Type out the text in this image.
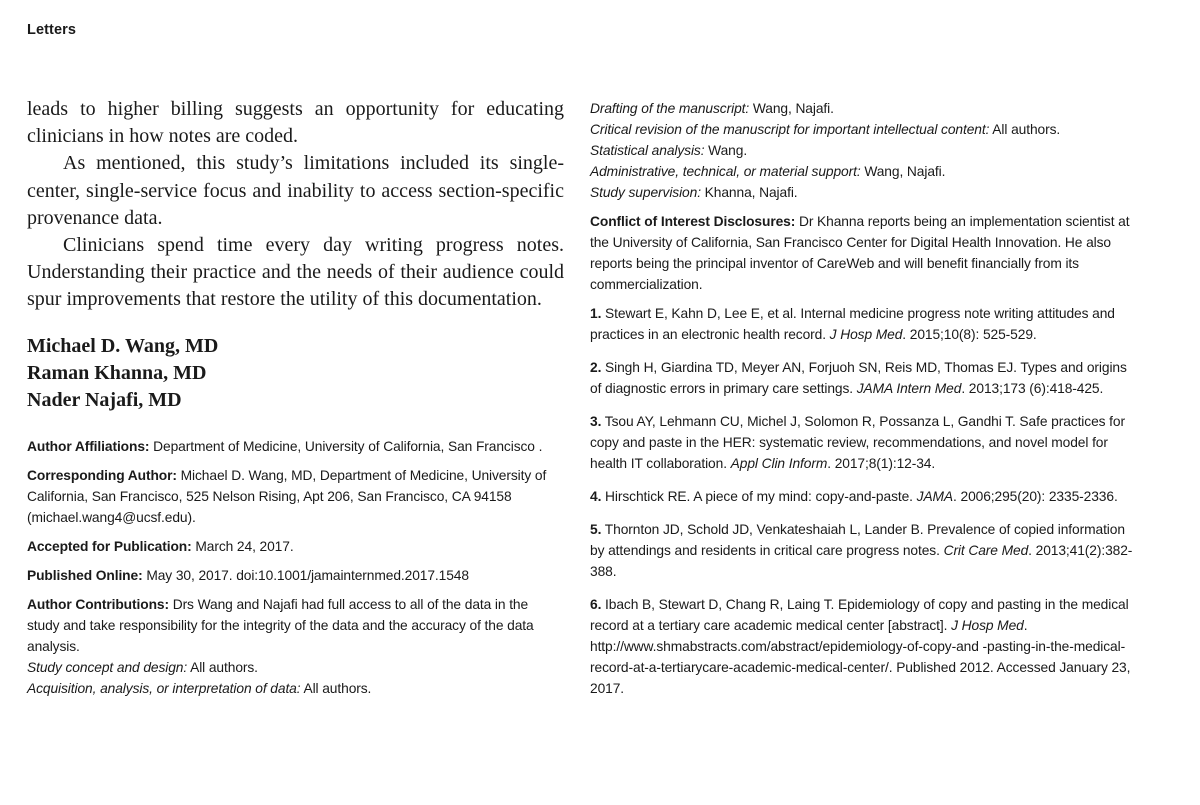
Letters

leads to higher billing suggests an opportunity for educating clinicians in how notes are coded.

As mentioned, this study’s limitations included its single-center, single-service focus and inability to access section-specific provenance data.

Clinicians spend time every day writing progress notes. Understanding their practice and the needs of their audience could spur improvements that restore the utility of this documentation.

Michael D. Wang, MD

Raman Khanna, MD

Nader Najafi, MD

Author Affiliations: Department of Medicine, University of California, San Francisco .

Corresponding Author: Michael D. Wang, MD, Department of Medicine, University of California, San Francisco, 525 Nelson Rising, Apt 206, San Francisco, CA 94158 (michael.wang4@ucsf.edu).

Accepted for Publication: March 24, 2017.

Published Online: May 30, 2017. doi:10.1001/jamainternmed.2017.1548

Author Contributions: Drs Wang and Najafi had full access to all of the data in the study and take responsibility for the integrity of the data and the accuracy of the data analysis.

Study concept and design: All authors.

Acquisition, analysis, or interpretation of data: All authors.

Drafting of the manuscript: Wang, Najafi.

Critical revision of the manuscript for important intellectual content: All authors.

Statistical analysis: Wang.

Administrative, technical, or material support: Wang, Najafi.

Study supervision: Khanna, Najafi.

Conflict of Interest Disclosures: Dr Khanna reports being an implementation scientist at the University of California, San Francisco Center for Digital Health Innovation. He also reports being the principal inventor of CareWeb and will benefit financially from its commercialization.

1. Stewart E, Kahn D, Lee E, et al. Internal medicine progress note writing attitudes and practices in an electronic health record. J Hosp Med. 2015;10(8): 525-529.

2. Singh H, Giardina TD, Meyer AN, Forjuoh SN, Reis MD, Thomas EJ. Types and origins of diagnostic errors in primary care settings. JAMA Intern Med. 2013;173 (6):418-425.

3. Tsou AY, Lehmann CU, Michel J, Solomon R, Possanza L, Gandhi T. Safe practices for copy and paste in the HER: systematic review, recommendations, and novel model for health IT collaboration. Appl Clin Inform. 2017;8(1):12-34.

4. Hirschtick RE. A piece of my mind: copy-and-paste. JAMA. 2006;295(20): 2335-2336.

5. Thornton JD, Schold JD, Venkateshaiah L, Lander B. Prevalence of copied information by attendings and residents in critical care progress notes. Crit Care Med. 2013;41(2):382-388.

6. Ibach B, Stewart D, Chang R, Laing T. Epidemiology of copy and pasting in the medical record at a tertiary care academic medical center [abstract]. J Hosp Med. http://www.shmabstracts.com/abstract/epidemiology-of-copy-and -pasting-in-the-medical-record-at-a-tertiarycare-academic-medical-center/. Published 2012. Accessed January 23, 2017.
